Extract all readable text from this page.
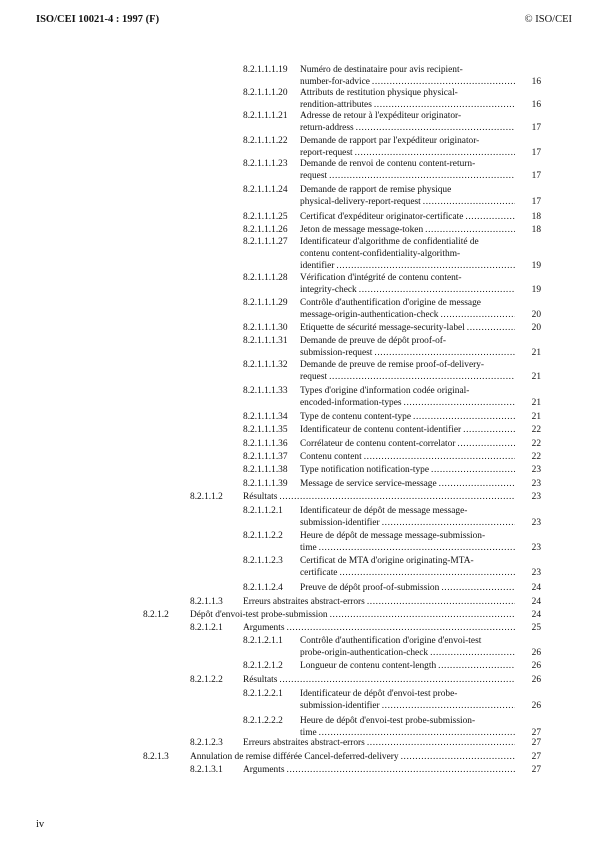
ISO/CEI 10021-4 : 1997 (F)	© ISO/CEI
8.2.1.1.1.19 Numéro de destinataire pour avis recipient-
number-for-advice .....	16
8.2.1.1.1.20 Attributs de restitution physique physical-
rendition-attributes .....	16
8.2.1.1.1.21 Adresse de retour à l'expéditeur originator-
return-address .....	17
8.2.1.1.1.22 Demande de rapport par l'expéditeur originator-
report-request .....	17
8.2.1.1.1.23 Demande de renvoi de contenu content-return-
request .....	17
8.2.1.1.1.24 Demande de rapport de remise physique
physical-delivery-report-request .....	17
8.2.1.1.1.25 Certificat d'expéditeur originator-certificate .....	18
8.2.1.1.1.26 Jeton de message message-token .....	18
8.2.1.1.1.27 Identificateur d'algorithme de confidentialité de
contenu content-confidentiality-algorithm-
identifier .....	19
8.2.1.1.1.28 Vérification d'intégrité de contenu content-
integrity-check .....	19
8.2.1.1.1.29 Contrôle d'authentification d'origine de message
message-origin-authentication-check .....	20
8.2.1.1.1.30 Etiquette de sécurité message-security-label .....	20
8.2.1.1.1.31 Demande de preuve de dépôt proof-of-
submission-request .....	21
8.2.1.1.1.32 Demande de preuve de remise proof-of-delivery-
request .....	21
8.2.1.1.1.33 Types d'origine d'information codée original-
encoded-information-types .....	21
8.2.1.1.1.34 Type de contenu content-type .....	21
8.2.1.1.1.35 Identificateur de contenu content-identifier .....	22
8.2.1.1.1.36 Corrélateur de contenu content-correlator .....	22
8.2.1.1.1.37 Contenu content .....	22
8.2.1.1.1.38 Type notification notification-type .....	23
8.2.1.1.1.39 Message de service service-message .....	23
8.2.1.1.2 Résultats .....	23
8.2.1.1.2.1 Identificateur de dépôt de message message-
submission-identifier .....	23
8.2.1.1.2.2 Heure de dépôt de message message-submission-
time .....	23
8.2.1.1.2.3 Certificat de MTA d'origine originating-MTA-
certificate .....	23
8.2.1.1.2.4 Preuve de dépôt proof-of-submission .....	24
8.2.1.1.3 Erreurs abstraites abstract-errors .....	24
8.2.1.2 Dépôt d'envoi-test probe-submission .....	24
8.2.1.2.1 Arguments .....	25
8.2.1.2.1.1 Contrôle d'authentification d'origine d'envoi-test
probe-origin-authentication-check .....	26
8.2.1.2.1.2 Longueur de contenu content-length .....	26
8.2.1.2.2 Résultats .....	26
8.2.1.2.2.1 Identificateur de dépôt d'envoi-test probe-
submission-identifier .....	26
8.2.1.2.2.2 Heure de dépôt d'envoi-test probe-submission-
time .....	27
8.2.1.2.3 Erreurs abstraites abstract-errors .....	27
8.2.1.3 Annulation de remise différée Cancel-deferred-delivery .....	27
8.2.1.3.1 Arguments .....	27
iv
